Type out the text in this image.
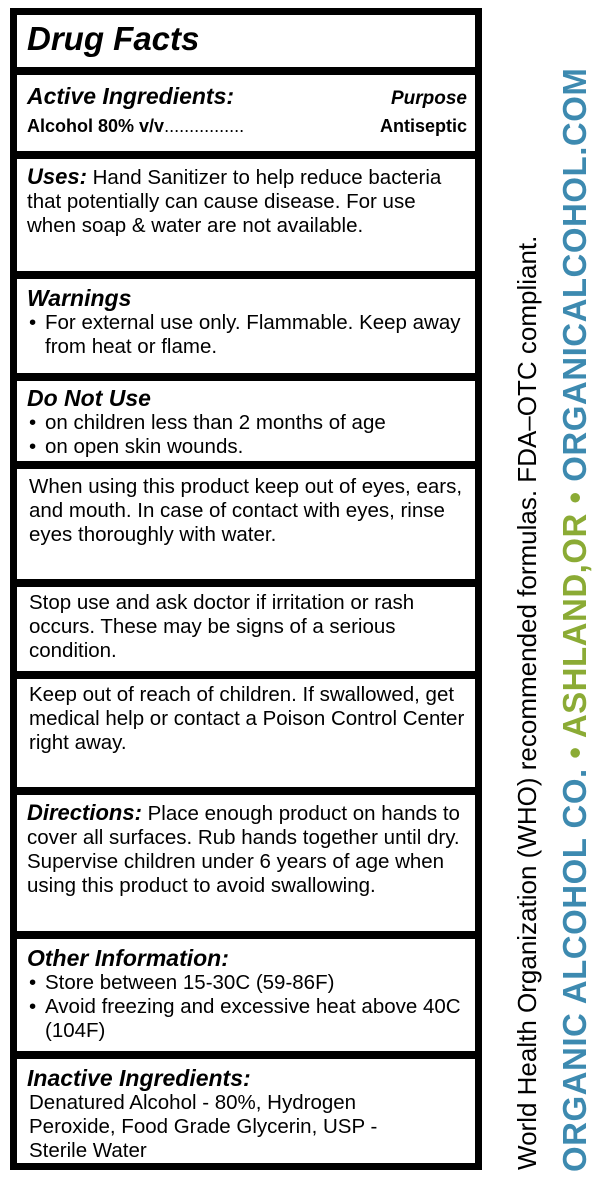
Drug Facts
Active Ingredients:	Purpose
Alcohol 80% v/v................	Antiseptic
Uses: Hand Sanitizer to help reduce bacteria that potentially can cause disease. For use when soap & water are not available.
Warnings
• For external use only. Flammable. Keep away from heat or flame.
Do Not Use
• on children less than 2 months of age
• on open skin wounds.
When using this product keep out of eyes, ears, and mouth. In case of contact with eyes, rinse eyes thoroughly with water.
Stop use and ask doctor if irritation or rash occurs. These may be signs of a serious condition.
Keep out of reach of children. If swallowed, get medical help or contact a Poison Control Center right away.
Directions: Place enough product on hands to cover all surfaces. Rub hands together until dry. Supervise children under 6 years of age when using this product to avoid swallowing.
Other Information:
• Store between 15-30C (59-86F)
• Avoid freezing and excessive heat above 40C (104F)
Inactive Ingredients:
Denatured Alcohol - 80%, Hydrogen Peroxide, Food Grade Glycerin, USP - Sterile Water	World Health Organization (WHO) recommended formulas. FDA–OTC compliant. ORGANIC ALCOHOL CO. • ASHLAND,OR • ORGANICALCOHOL.COM
